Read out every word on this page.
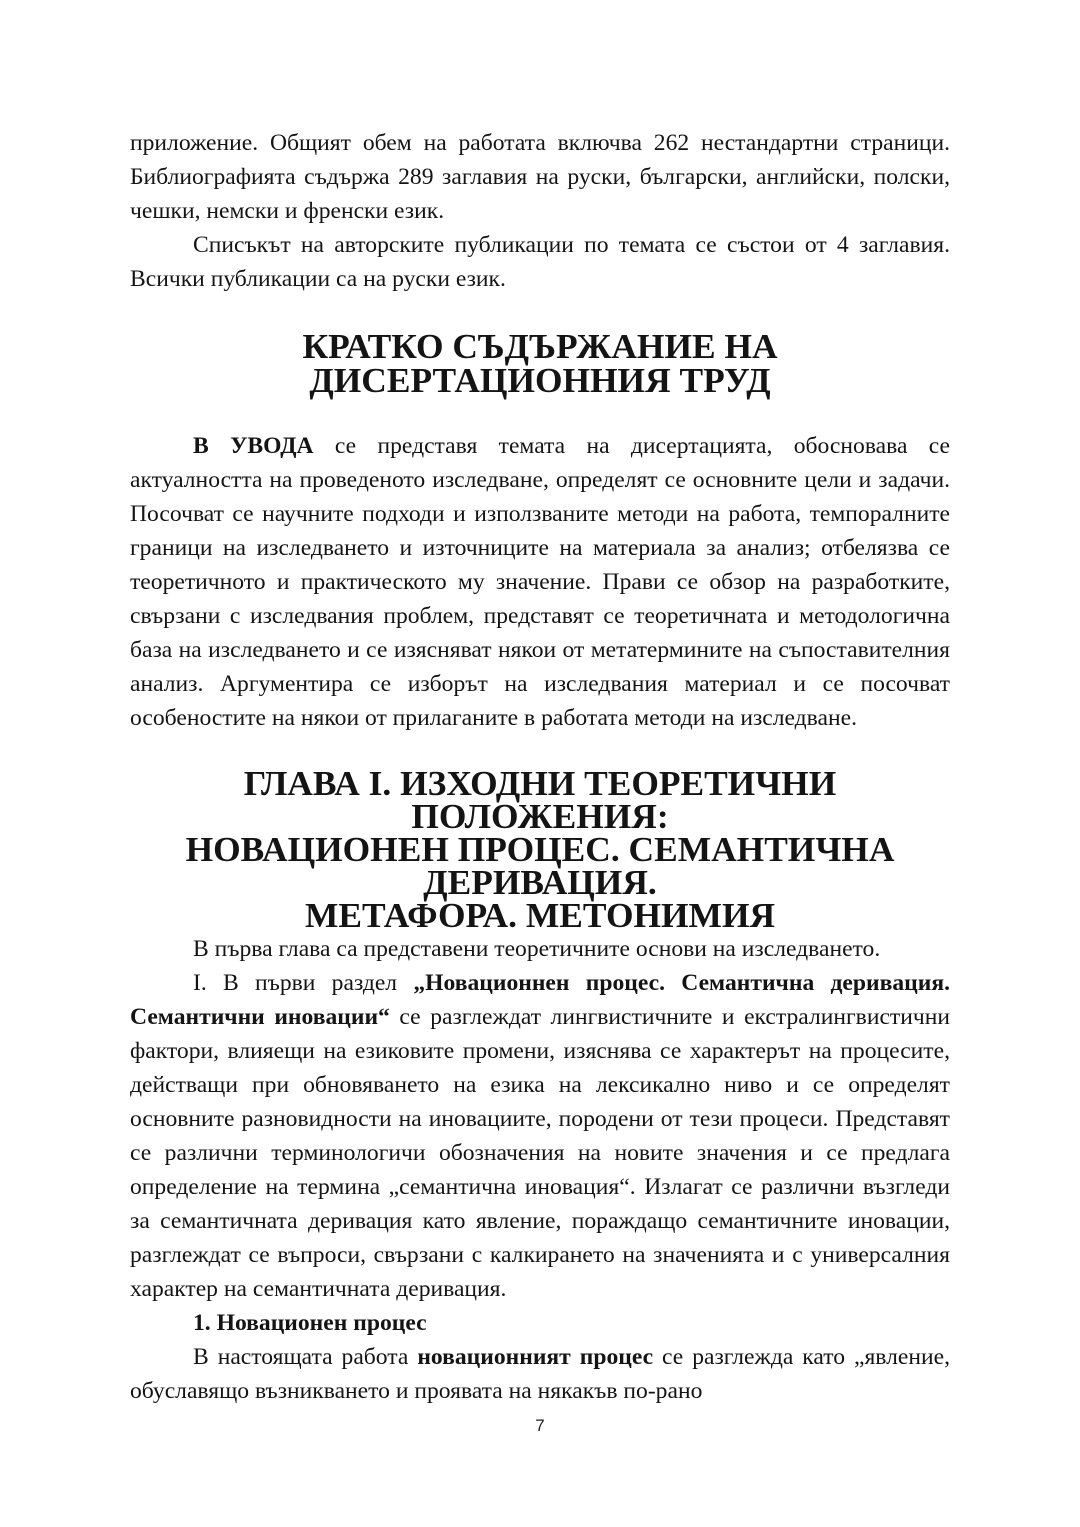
приложение. Общият обем на работата включва 262 нестандартни страници. Библиографията съдържа 289 заглавия на руски, български, английски, полски, чешки, немски и френски език.

Списъкът на авторските публикации по темата се състои от 4 заглавия. Всички публикации са на руски език.

КРАТКО СЪДЪРЖАНИЕ НА ДИСЕРТАЦИОННИЯ ТРУД

В УВОДА се представя темата на дисертацията, обосновава се актуалността на проведеното изследване, определят се основните цели и задачи. Посочват се научните подходи и използваните методи на работа, темпоралните граници на изследването и източниците на материала за анализ; отбелязва се теоретичното и практическото му значение. Прави се обзор на разработките, свързани с изследвания проблем, представят се теоретичната и методологична база на изследването и се изясняват някои от метатермините на съпоставителния анализ. Аргументира се изборът на изследвания материал и се посочват особеностите на някои от прилаганите в работата методи на изследване.

ГЛАВА I. ИЗХОДНИ ТЕОРЕТИЧНИ ПОЛОЖЕНИЯ:
НОВАЦИОНЕН ПРОЦЕС. СЕМАНТИЧНА ДЕРИВАЦИЯ.
МЕТАФОРА. МЕТОНИМИЯ

В първа глава са представени теоретичните основи на изследването.

I. В първи раздел „Новационнен процес. Семантична деривация. Семантични иновации“ се разглеждат лингвистичните и екстралингвистични фактори, влияещи на езиковите промени, изяснява се характерът на процесите, действащи при обновяването на езика на лексикално ниво и се определят основните разновидности на иновациите, породени от тези процеси. Представят се различни терминологичи обозначения на новите значения и се предлага определение на термина „семантична иновация“. Излагат се различни възгледи за семантичната деривация като явление, пораждащо семантичните иновации, разглеждат се въпроси, свързани с калкирането на значенията и с универсалния характер на семантичната деривация.

1. Новационен процес

В настоящата работа новационният процес се разглежда като „явление, обуславящо възникването и проявата на някакъв по-рано

7
